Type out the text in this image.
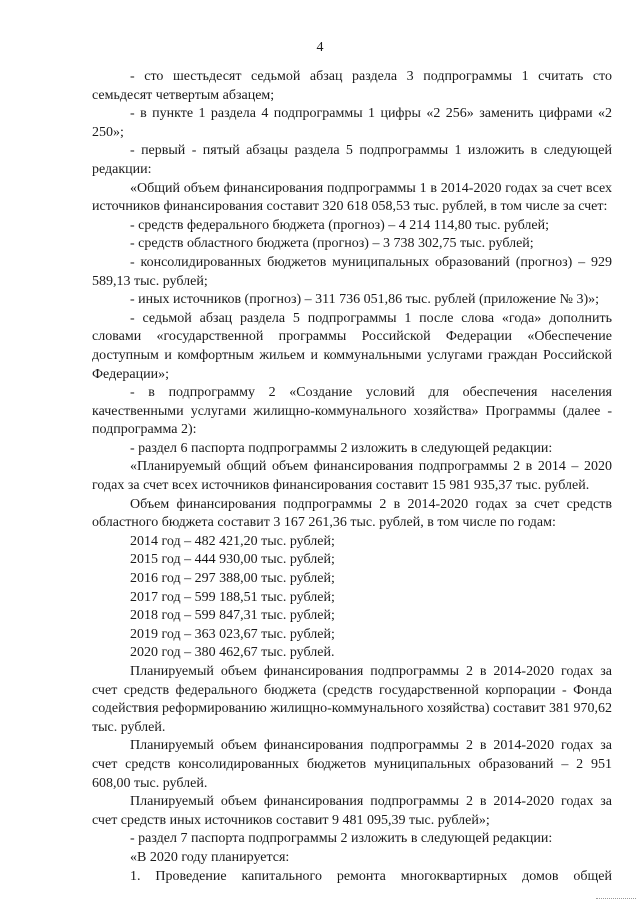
4

- сто шестьдесят седьмой абзац раздела 3 подпрограммы 1 считать сто семьдесят четвертым абзацем;

- в пункте 1 раздела 4 подпрограммы 1 цифры «2 256» заменить цифрами «2 250»;

- первый - пятый абзацы раздела 5 подпрограммы 1 изложить в следующей редакции:

«Общий объем финансирования подпрограммы 1 в 2014-2020 годах за счет всех источников финансирования составит 320 618 058,53 тыс. рублей, в том числе за счет:

- средств федерального бюджета (прогноз) – 4 214 114,80 тыс. рублей;

- средств областного бюджета (прогноз) – 3 738 302,75 тыс. рублей;

- консолидированных бюджетов муниципальных образований (прогноз) – 929 589,13 тыс. рублей;

- иных источников (прогноз) – 311 736 051,86 тыс. рублей (приложение № 3)»;

- седьмой абзац раздела 5 подпрограммы 1 после слова «года» дополнить словами «государственной программы Российской Федерации «Обеспечение доступным и комфортным жильем и коммунальными услугами граждан Российской Федерации»;

- в подпрограмму 2 «Создание условий для обеспечения населения качественными услугами жилищно-коммунального хозяйства» Программы (далее - подпрограмма 2):

- раздел 6 паспорта подпрограммы 2 изложить в следующей редакции:

«Планируемый общий объем финансирования подпрограммы 2 в 2014 – 2020 годах за счет всех источников финансирования составит 15 981 935,37 тыс. рублей.

Объем финансирования подпрограммы 2 в 2014-2020 годах за счет средств областного бюджета составит 3 167 261,36 тыс. рублей, в том числе по годам:

2014 год – 482 421,20 тыс. рублей;

2015 год – 444 930,00 тыс. рублей;

2016 год – 297 388,00 тыс. рублей;

2017 год – 599 188,51 тыс. рублей;

2018 год – 599 847,31 тыс. рублей;

2019 год – 363 023,67 тыс. рублей;

2020 год – 380 462,67 тыс. рублей.

Планируемый объем финансирования подпрограммы 2 в 2014-2020 годах за счет средств федерального бюджета (средств государственной корпорации - Фонда содействия реформированию жилищно-коммунального хозяйства) составит 381 970,62 тыс. рублей.

Планируемый объем финансирования подпрограммы 2 в 2014-2020 годах за счет средств консолидированных бюджетов муниципальных образований – 2 951 608,00 тыс. рублей.

Планируемый объем финансирования подпрограммы 2 в 2014-2020 годах за счет средств иных источников составит 9 481 095,39 тыс. рублей»;

- раздел 7 паспорта подпрограммы 2 изложить в следующей редакции:

«В 2020 году планируется:

1. Проведение капитального ремонта многоквартирных домов общей
